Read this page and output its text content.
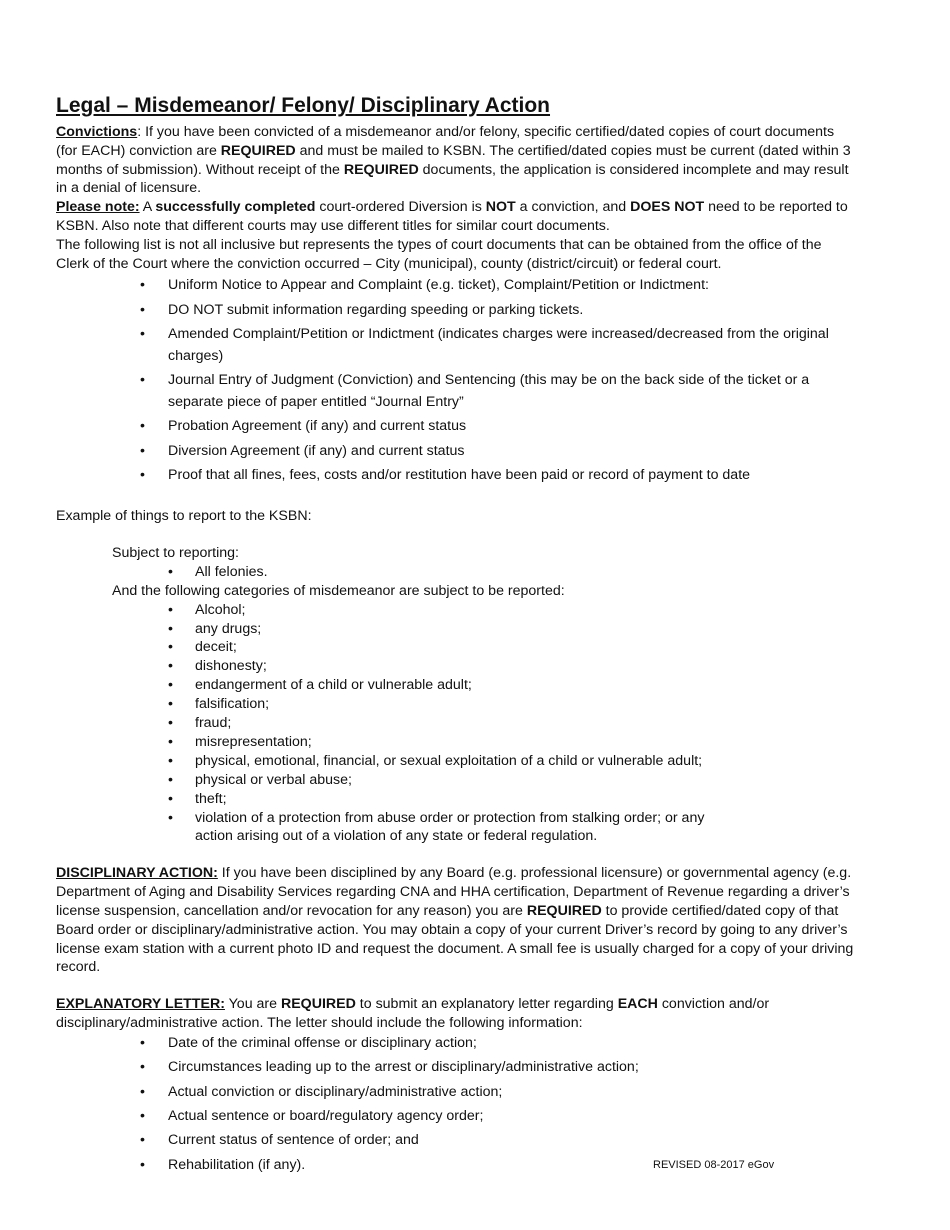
Legal – Misdemeanor/ Felony/ Disciplinary Action

Convictions: If you have been convicted of a misdemeanor and/or felony, specific certified/dated copies of court documents (for EACH) conviction are REQUIRED and must be mailed to KSBN. The certified/dated copies must be current (dated within 3 months of submission). Without receipt of the REQUIRED documents, the application is considered incomplete and may result in a denial of licensure.

Please note: A successfully completed court-ordered Diversion is NOT a conviction, and DOES NOT need to be reported to KSBN. Also note that different courts may use different titles for similar court documents.

The following list is not all inclusive but represents the types of court documents that can be obtained from the office of the Clerk of the Court where the conviction occurred – City (municipal), county (district/circuit) or federal court.

• Uniform Notice to Appear and Complaint (e.g. ticket), Complaint/Petition or Indictment:
• DO NOT submit information regarding speeding or parking tickets.
• Amended Complaint/Petition or Indictment (indicates charges were increased/decreased from the original charges)
• Journal Entry of Judgment (Conviction) and Sentencing (this may be on the back side of the ticket or a separate piece of paper entitled “Journal Entry”
• Probation Agreement (if any) and current status
• Diversion Agreement (if any) and current status
• Proof that all fines, fees, costs and/or restitution have been paid or record of payment to date

Example of things to report to the KSBN:

Subject to reporting:

• All felonies.

And the following categories of misdemeanor are subject to be reported:

• Alcohol;
• any drugs;
• deceit;
• dishonesty;
• endangerment of a child or vulnerable adult;
• falsification;
• fraud;
• misrepresentation;
• physical, emotional, financial, or sexual exploitation of a child or vulnerable adult;
• physical or verbal abuse;
• theft;
• violation of a protection from abuse order or protection from stalking order; or any action arising out of a violation of any state or federal regulation.

DISCIPLINARY ACTION: If you have been disciplined by any Board (e.g. professional licensure) or governmental agency (e.g. Department of Aging and Disability Services regarding CNA and HHA certification, Department of Revenue regarding a driver’s license suspension, cancellation and/or revocation for any reason) you are REQUIRED to provide certified/dated copy of that Board order or disciplinary/administrative action. You may obtain a copy of your current Driver’s record by going to any driver’s license exam station with a current photo ID and request the document. A small fee is usually charged for a copy of your driving record.

EXPLANATORY LETTER: You are REQUIRED to submit an explanatory letter regarding EACH conviction and/or disciplinary/administrative action. The letter should include the following information:

• Date of the criminal offense or disciplinary action;
• Circumstances leading up to the arrest or disciplinary/administrative action;
• Actual conviction or disciplinary/administrative action;
• Actual sentence or board/regulatory agency order;
• Current status of sentence of order; and
• Rehabilitation (if any).	REVISED 08-2017 eGov
